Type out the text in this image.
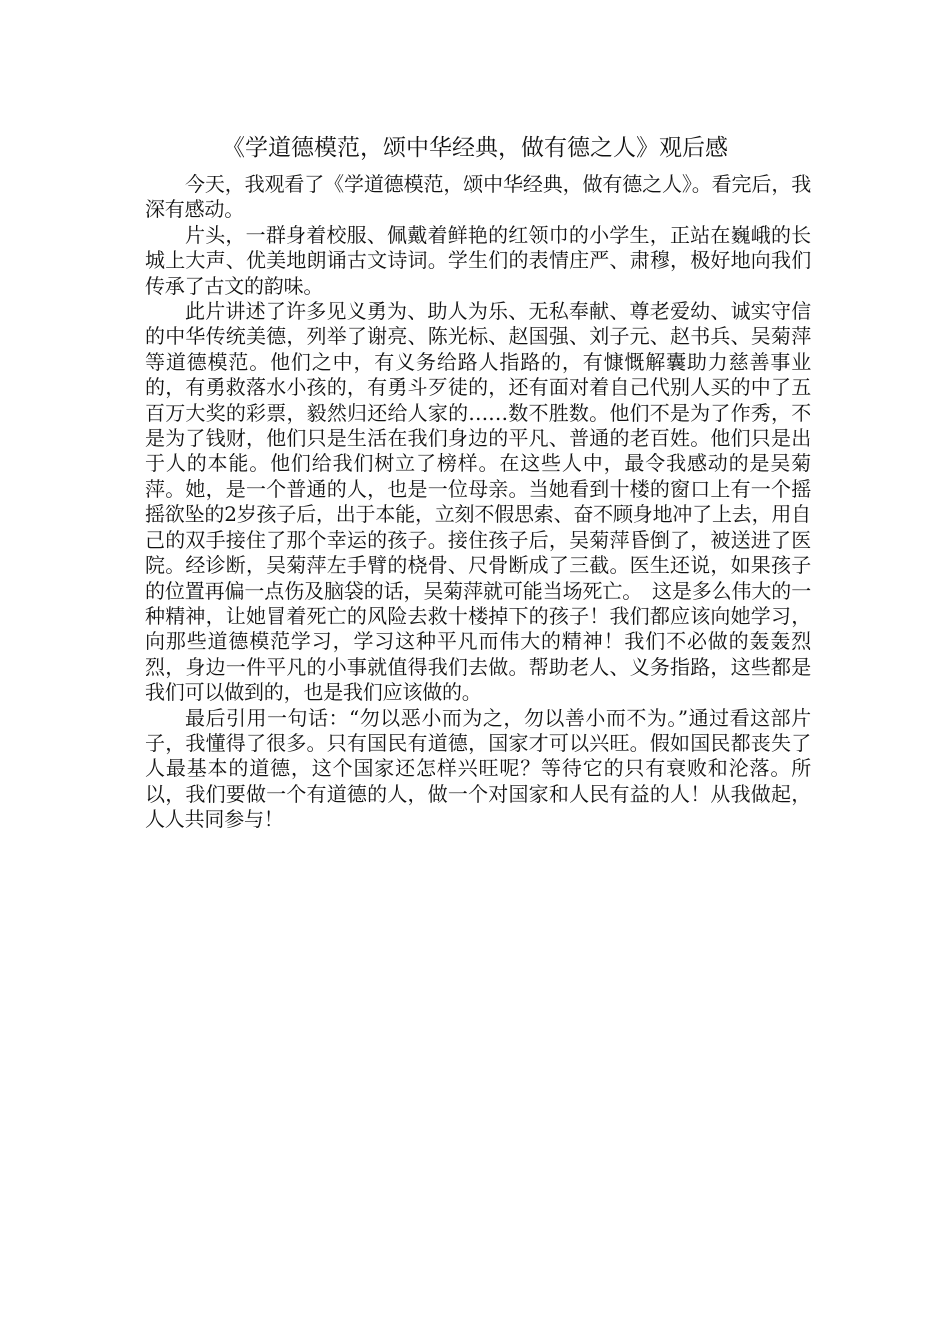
《学道德模范，颂中华经典，做有德之人》观后感

今天，我观看了《学道德模范，颂中华经典，做有德之人》。看完后，我深有感动。

片头，一群身着校服、佩戴着鲜艳的红领巾的小学生，正站在巍峨的长城上大声、优美地朗诵古文诗词。学生们的表情庄严、肃穆，极好地向我们传承了古文的韵味。

此片讲述了许多见义勇为、助人为乐、无私奉献、尊老爱幼、诚实守信的中华传统美德，列举了谢亮、陈光标、赵国强、刘子元、赵书兵、吴菊萍等道德模范。他们之中，有义务给路人指路的，有慷慨解囊助力慈善事业的，有勇救落水小孩的，有勇斗歹徒的，还有面对着自己代别人买的中了五百万大奖的彩票，毅然归还给人家的……数不胜数。他们不是为了作秀，不是为了钱财，他们只是生活在我们身边的平凡、普通的老百姓。他们只是出于人的本能。他们给我们树立了榜样。在这些人中，最令我感动的是吴菊萍。她，是一个普通的人，也是一位母亲。当她看到十楼的窗口上有一个摇摇欲坠的2岁孩子后，出于本能，立刻不假思索、奋不顾身地冲了上去，用自己的双手接住了那个幸运的孩子。接住孩子后，吴菊萍昏倒了，被送进了医院。经诊断，吴菊萍左手臂的桡骨、尺骨断成了三截。医生还说，如果孩子的位置再偏一点伤及脑袋的话，吴菊萍就可能当场死亡。　这是多么伟大的一种精神，让她冒着死亡的风险去救十楼掉下的孩子！我们都应该向她学习，向那些道德模范学习，学习这种平凡而伟大的精神！我们不必做的轰轰烈烈，身边一件平凡的小事就值得我们去做。帮助老人、义务指路，这些都是我们可以做到的，也是我们应该做的。

最后引用一句话：“勿以恶小而为之，勿以善小而不为。”通过看这部片子，我懂得了很多。只有国民有道德，国家才可以兴旺。假如国民都丧失了人最基本的道德，这个国家还怎样兴旺呢？等待它的只有衰败和沦落。所以，我们要做一个有道德的人，做一个对国家和人民有益的人！从我做起，人人共同参与！
